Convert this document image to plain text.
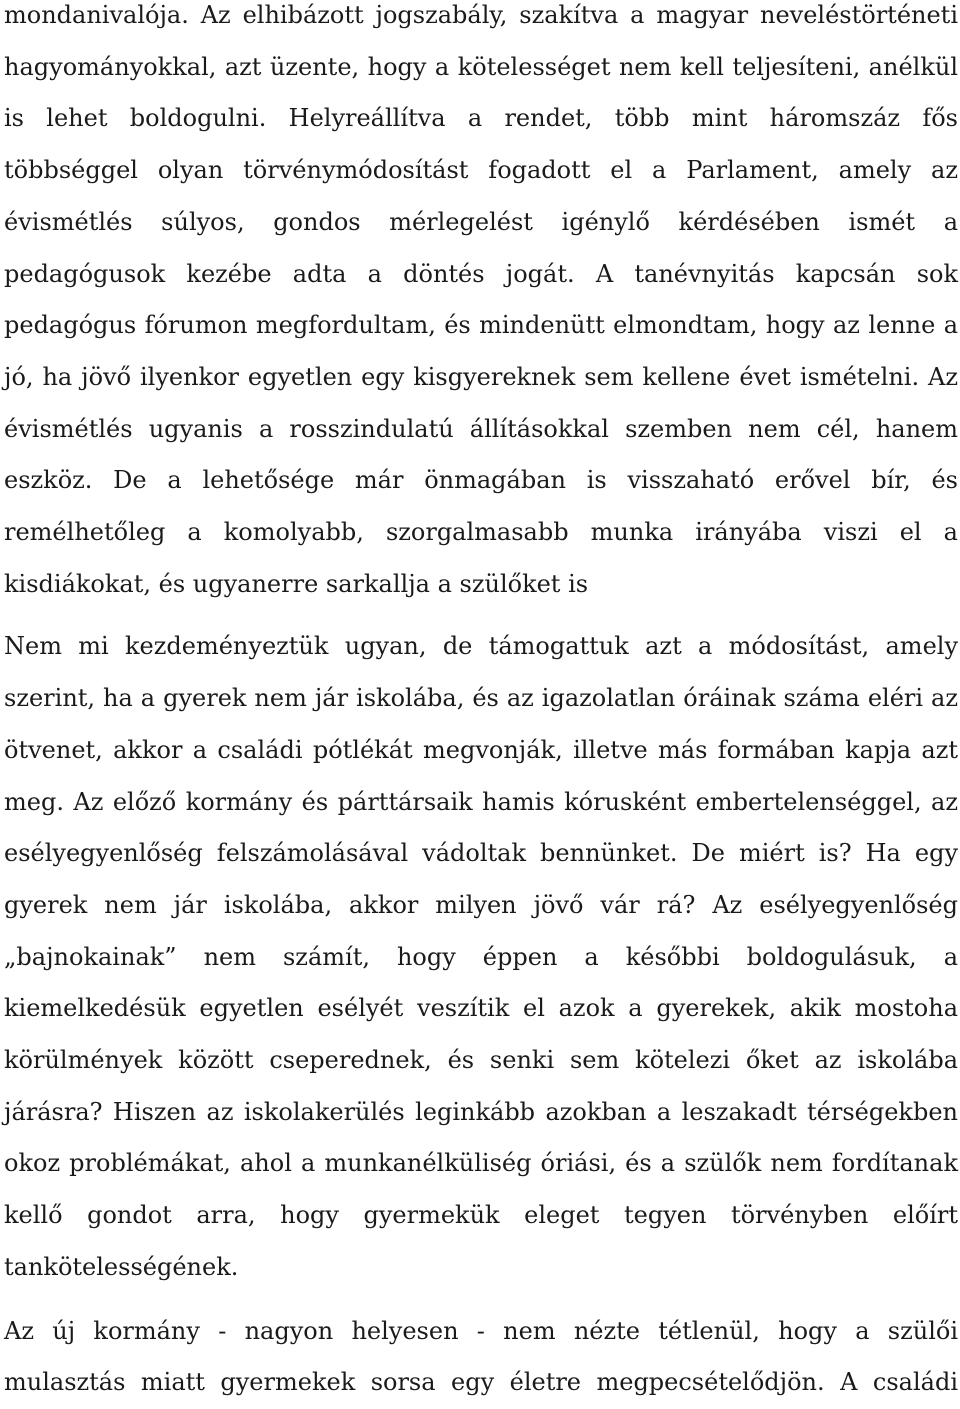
mondanivalója. Az elhibázott jogszabály, szakítva a magyar neveléstörténeti hagyományokkal, azt üzente, hogy a kötelességet nem kell teljesíteni, anélkül is lehet boldogulni. Helyreállítva a rendet, több mint háromszáz fős többséggel olyan törvénymódosítást fogadott el a Parlament, amely az évismétlés súlyos, gondos mérlegelést igénylő kérdésében ismét a pedagógusok kezébe adta a döntés jogát. A tanévnyitás kapcsán sok pedagógus fórumon megfordultam, és mindenütt elmondtam, hogy az lenne a jó, ha jövő ilyenkor egyetlen egy kisgyereknek sem kellene évet ismételni. Az évismétlés ugyanis a rosszindulatú állításokkal szemben nem cél, hanem eszköz. De a lehetősége már önmagában is visszaható erővel bír, és remélhetőleg a komolyabb, szorgalmasabb munka irányába viszi el a kisdiákokat, és ugyanerre sarkallja a szülőket is

Nem mi kezdeményeztük ugyan, de támogattuk azt a módosítást, amely szerint, ha a gyerek nem jár iskolába, és az igazolatlan óráinak száma eléri az ötvenet, akkor a családi pótlékát megvonják, illetve más formában kapja azt meg. Az előző kormány és párttársaik hamis kórusként embertelenséggel, az esélyegyenlőség felszámolásával vádoltak bennünket. De miért is? Ha egy gyerek nem jár iskolába, akkor milyen jövő vár rá? Az esélyegyenlőség „bajnokainak” nem számít, hogy éppen a későbbi boldogulásuk, a kiemelkedésük egyetlen esélyét veszítik el azok a gyerekek, akik mostoha körülmények között cseperednek, és senki sem kötelezi őket az iskolába járásra? Hiszen az iskolakerülés leginkább azokban a leszakadt térségekben okoz problémákat, ahol a munkanélküliség óriási, és a szülők nem fordítanak kellő gondot arra, hogy gyermekük eleget tegyen törvényben előírt tankötelességének.

Az új kormány - nagyon helyesen - nem nézte tétlenül, hogy a szülői mulasztás miatt gyermekek sorsa egy életre megpecsételődjön. A családi
